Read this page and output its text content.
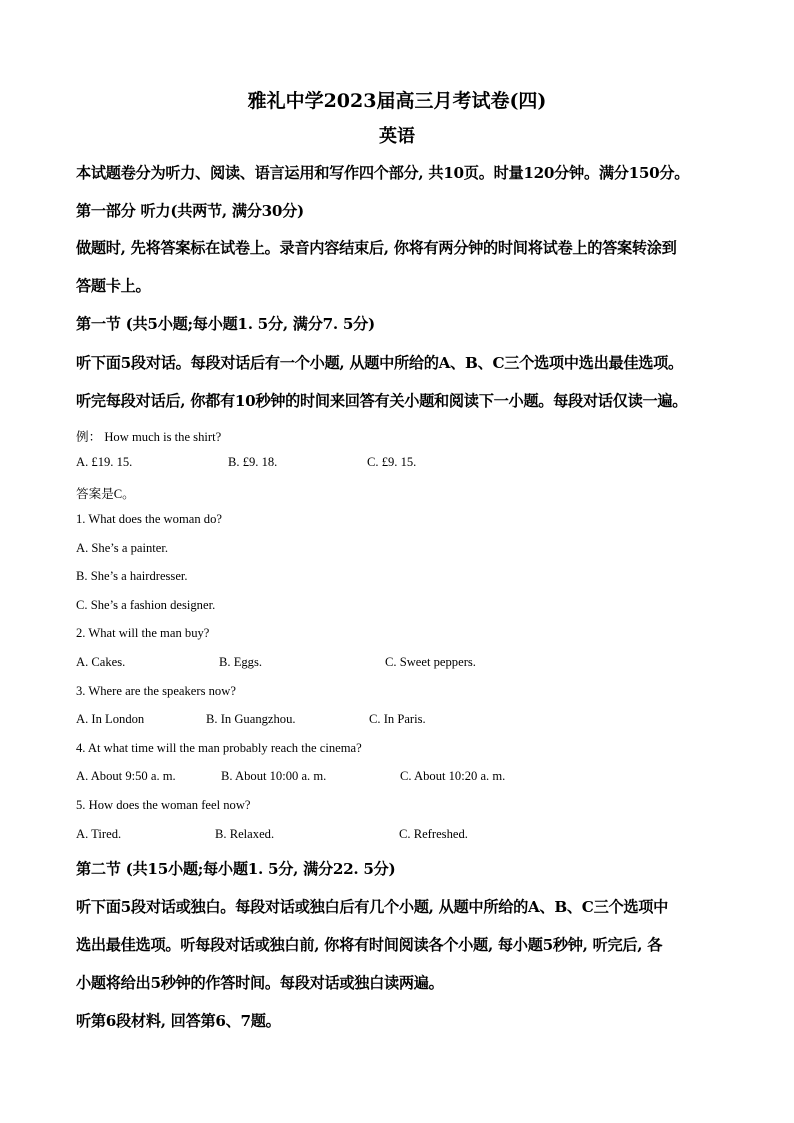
雅礼中学2023届高三月考试卷(四)
英语
本试题卷分为听力、阅读、语言运用和写作四个部分, 共10页。时量120分钟。满分150分。
第一部分 听力(共两节, 满分30分)
做题时, 先将答案标在试卷上。录音内容结束后, 你将有两分钟的时间将试卷上的答案转涂到
答题卡上。
第一节 (共5小题;每小题1. 5分, 满分7. 5分)
听下面5段对话。每段对话后有一个小题, 从题中所给的A、B、C三个选项中选出最佳选项。
听完每段对话后, 你都有10秒钟的时间来回答有关小题和阅读下一小题。每段对话仅读一遍。
例： How much is the shirt?
A. £19. 15.	B. £9. 18.	C. £9. 15.
答案是C。
1. What does the woman do?
A. She’s a painter.
B. She’s a hairdresser.
C. She’s a fashion designer.
2. What will the man buy?
A. Cakes.	B. Eggs.	C. Sweet peppers.
3. Where are the speakers now?
A. In London	B. In Guangzhou.	C. In Paris.
4. At what time will the man probably reach the cinema?
A. About 9:50 a. m.	B. About 10:00 a. m.	C. About 10:20 a. m.
5. How does the woman feel now?
A. Tired.	B. Relaxed.	C. Refreshed.
第二节 (共15小题;每小题1. 5分, 满分22. 5分)
听下面5段对话或独白。每段对话或独白后有几个小题, 从题中所给的A、B、C三个选项中
选出最佳选项。听每段对话或独白前, 你将有时间阅读各个小题, 每小题5秒钟, 听完后, 各
小题将给出5秒钟的作答时间。每段对话或独白读两遍。
听第6段材料, 回答第6、7题。
